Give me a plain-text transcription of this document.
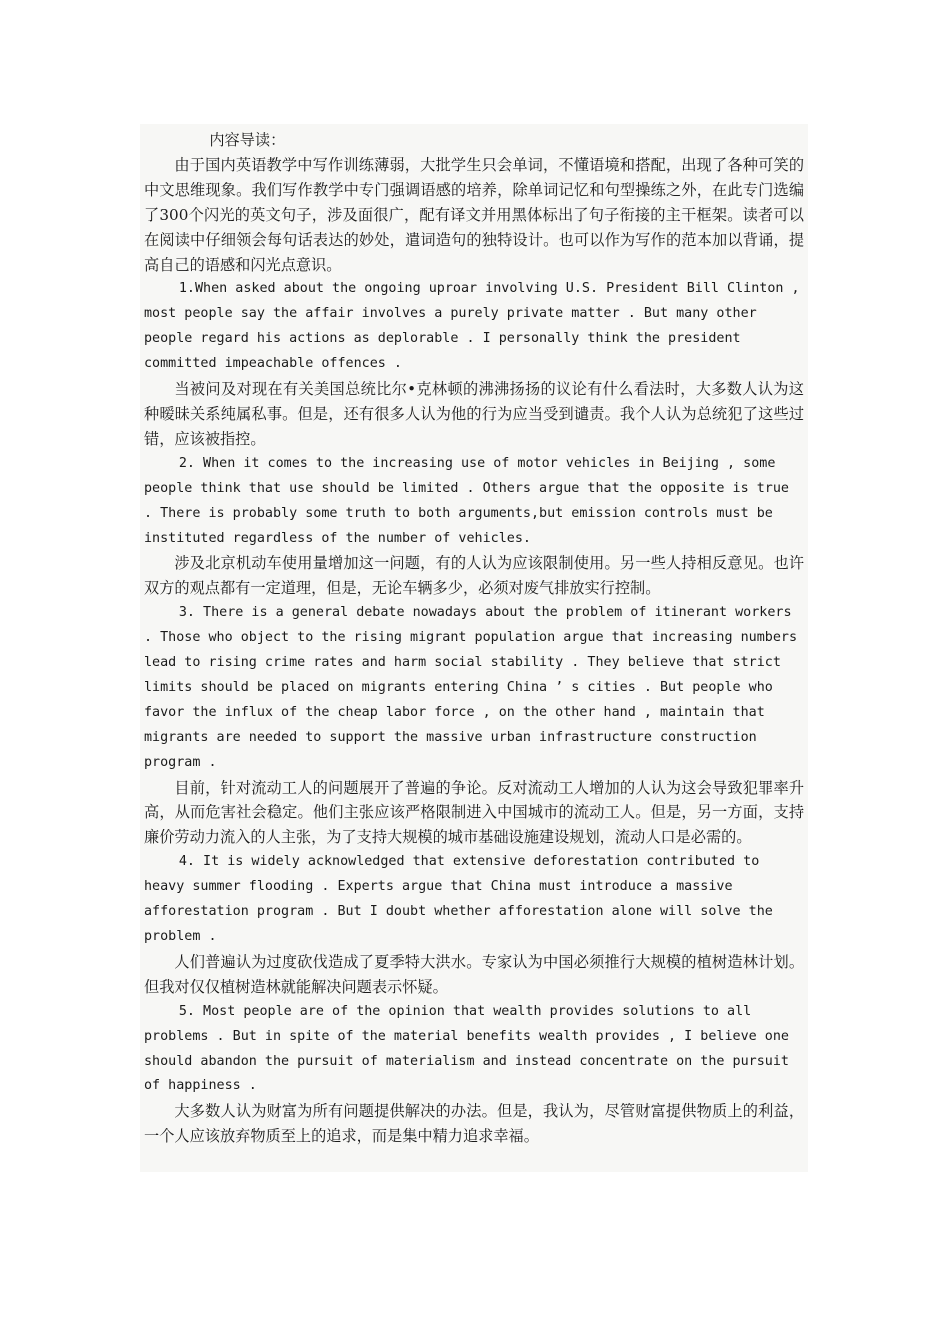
内容导读：

由于国内英语教学中写作训练薄弱，大批学生只会单词，不懂语境和搭配，出现了各种可笑的中文思维现象。我们写作教学中专门强调语感的培养，除单词记忆和句型操练之外，在此专门选编了300个闪光的英文句子，涉及面很广，配有译文并用黑体标出了句子衔接的主干框架。读者可以在阅读中仔细领会每句话表达的妙处，遣词造句的独特设计。也可以作为写作的范本加以背诵，提高自己的语感和闪光点意识。

1.When asked about the ongoing uproar involving U.S. President Bill Clinton , most people say the affair involves a purely private matter . But many other people regard his actions as deplorable . I personally think the president committed impeachable offences .

当被问及对现在有关美国总统比尔•克林顿的沸沸扬扬的议论有什么看法时，大多数人认为这种暧昧关系纯属私事。但是，还有很多人认为他的行为应当受到谴责。我个人认为总统犯了这些过错，应该被指控。

2. When it comes to the increasing use of motor vehicles in Beijing , some people think that use should be limited . Others argue that the opposite is true . There is probably some truth to both arguments,but emission controls must be instituted regardless of the number of vehicles.

涉及北京机动车使用量增加这一问题，有的人认为应该限制使用。另一些人持相反意见。也许双方的观点都有一定道理，但是，无论车辆多少，必须对废气排放实行控制。

3. There is a general debate nowadays about the problem of itinerant workers . Those who object to the rising migrant population argue that increasing numbers lead to rising crime rates and harm social stability . They believe that strict limits should be placed on migrants entering China ’ s cities . But people who favor the influx of the cheap labor force , on the other hand , maintain that migrants are needed to support the massive urban infrastructure construction program .

目前，针对流动工人的问题展开了普遍的争论。反对流动工人增加的人认为这会导致犯罪率升高，从而危害社会稳定。他们主张应该严格限制进入中国城市的流动工人。但是，另一方面，支持廉价劳动力流入的人主张，为了支持大规模的城市基础设施建设规划，流动人口是必需的。

4. It is widely acknowledged that extensive deforestation contributed to heavy summer flooding . Experts argue that China must introduce a massive afforestation program . But I doubt whether afforestation alone will solve the problem .

人们普遍认为过度砍伐造成了夏季特大洪水。专家认为中国必须推行大规模的植树造林计划。但我对仅仅植树造林就能解决问题表示怀疑。

5. Most people are of the opinion that wealth provides solutions to all problems . But in spite of the material benefits wealth provides , I believe one should abandon the pursuit of materialism and instead concentrate on the pursuit of happiness .

大多数人认为财富为所有问题提供解决的办法。但是，我认为，尽管财富提供物质上的利益，一个人应该放弃物质至上的追求，而是集中精力追求幸福。
